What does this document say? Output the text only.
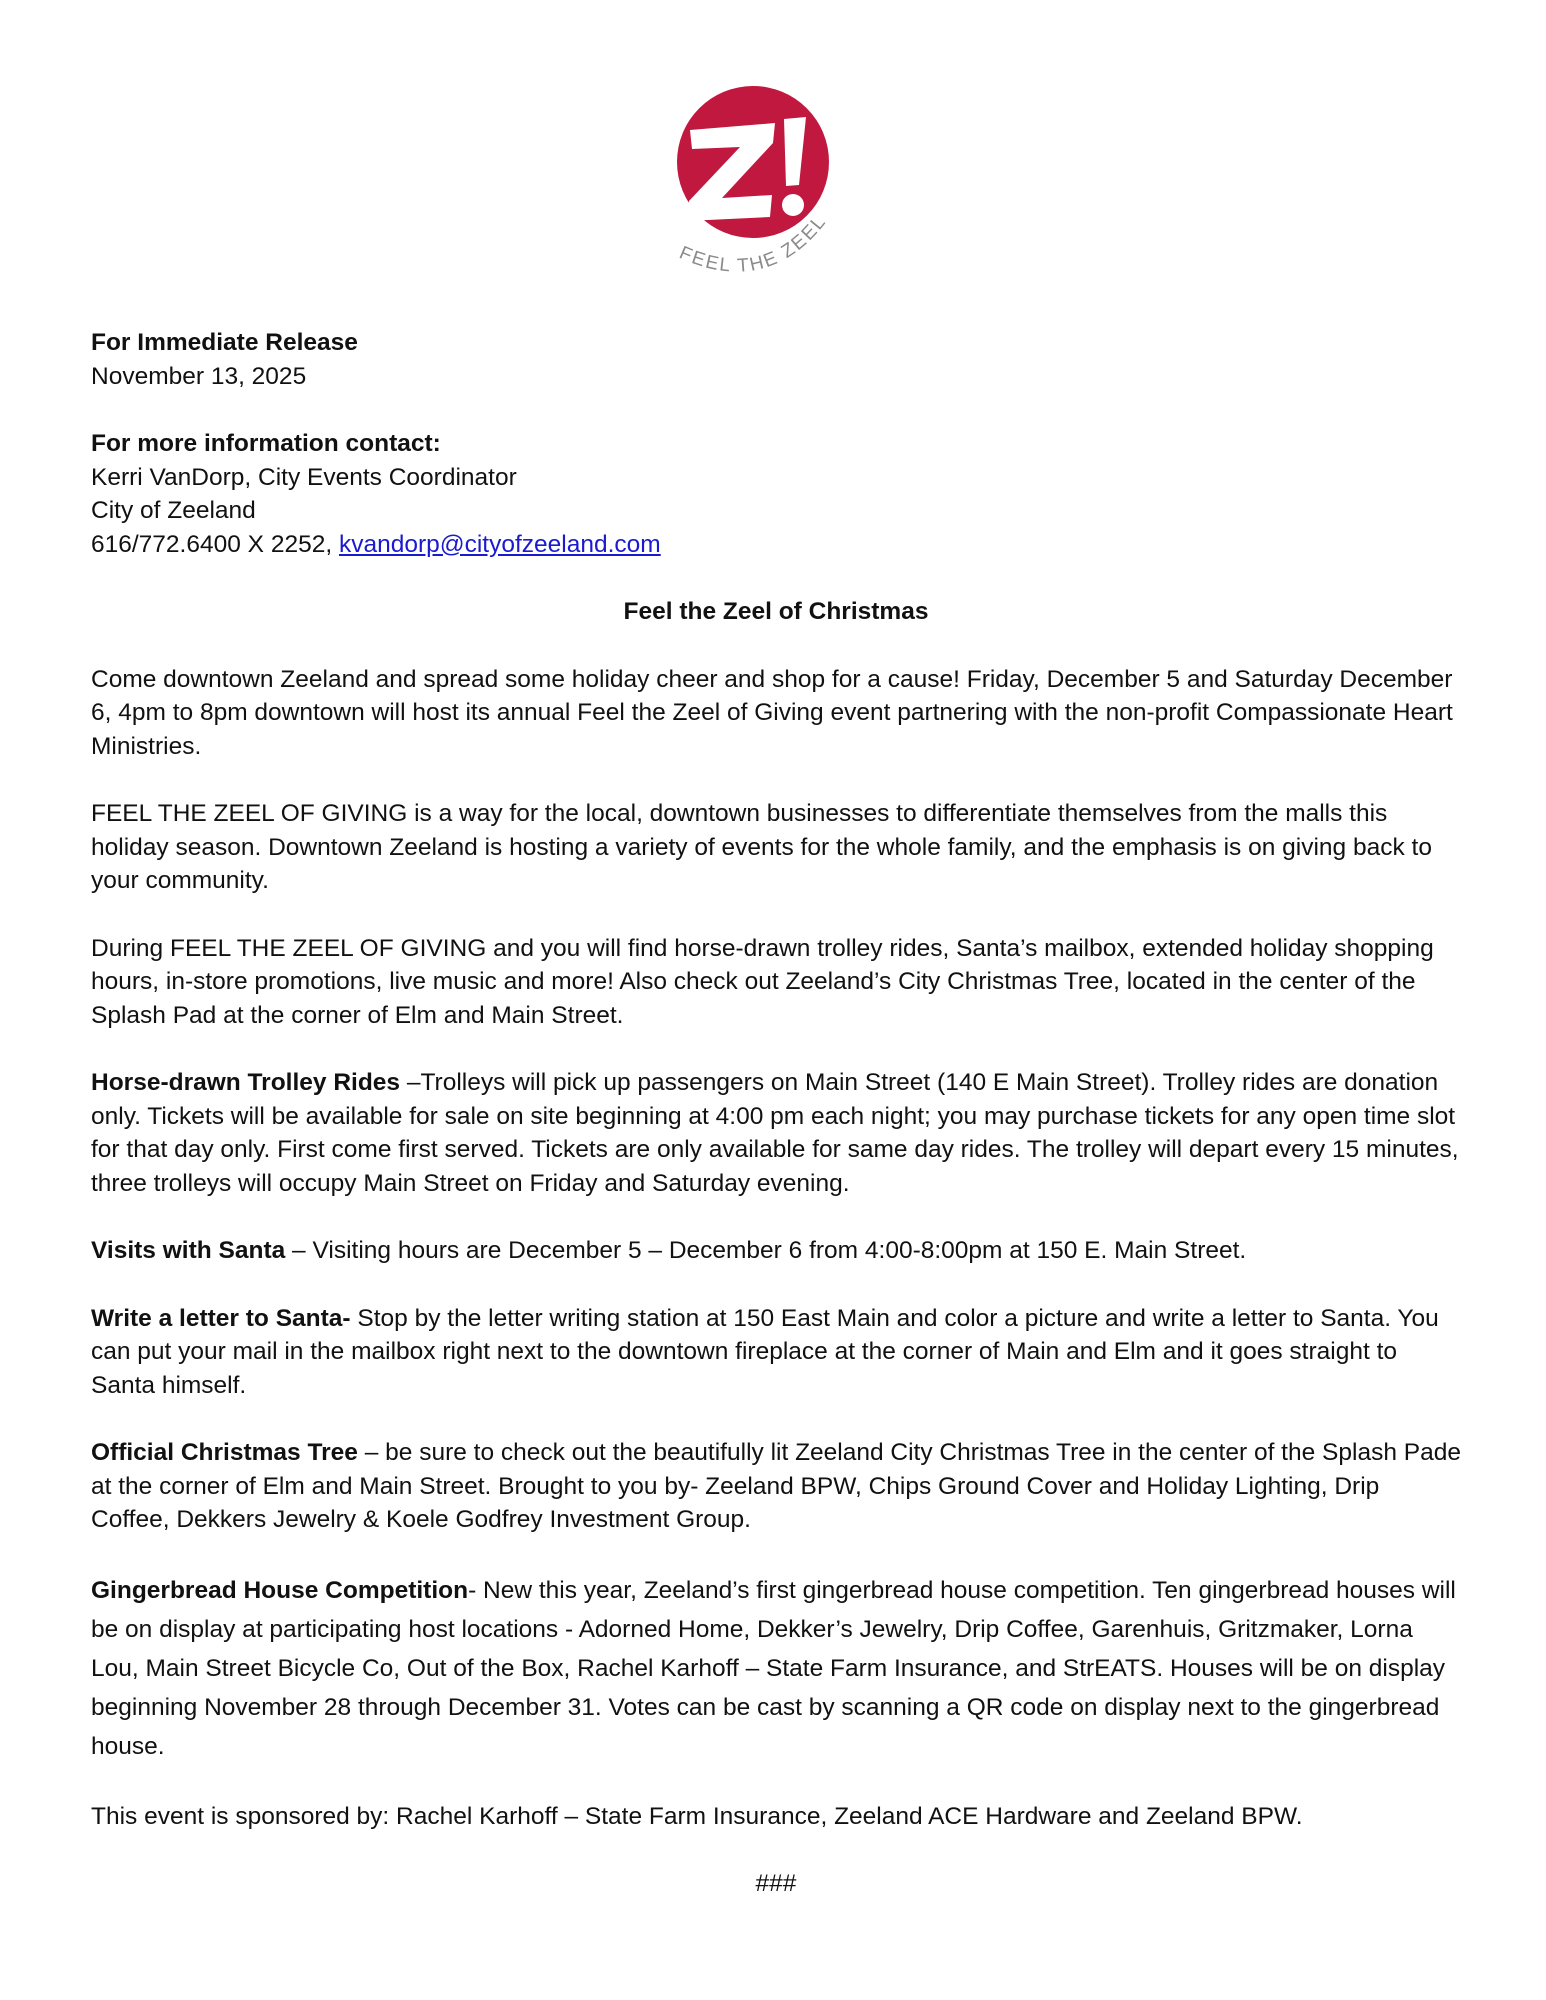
FEEL THE ZEEL
For Immediate Release
November 13, 2025
For more information contact:
Kerri VanDorp, City Events Coordinator
City of Zeeland
616/772.6400 X 2252, kvandorp@cityofzeeland.com

Feel the Zeel of Christmas

Come downtown Zeeland and spread some holiday cheer and shop for a cause! Friday, December 5 and Saturday December 6, 4pm to 8pm downtown will host its annual Feel the Zeel of Giving event partnering with the non-profit Compassionate Heart Ministries.

FEEL THE ZEEL OF GIVING is a way for the local, downtown businesses to differentiate themselves from the malls this holiday season. Downtown Zeeland is hosting a variety of events for the whole family, and the emphasis is on giving back to your community.

During FEEL THE ZEEL OF GIVING and you will find horse-drawn trolley rides, Santa’s mailbox, extended holiday shopping hours, in-store promotions, live music and more! Also check out Zeeland’s City Christmas Tree, located in the center of the Splash Pad at the corner of Elm and Main Street.

Horse-drawn Trolley Rides –Trolleys will pick up passengers on Main Street (140 E Main Street). Trolley rides are donation only. Tickets will be available for sale on site beginning at 4:00 pm each night; you may purchase tickets for any open time slot for that day only. First come first served. Tickets are only available for same day rides. The trolley will depart every 15 minutes, three trolleys will occupy Main Street on Friday and Saturday evening.

Visits with Santa – Visiting hours are December 5 – December 6 from 4:00-8:00pm at 150 E. Main Street.

Write a letter to Santa- Stop by the letter writing station at 150 East Main and color a picture and write a letter to Santa. You can put your mail in the mailbox right next to the downtown fireplace at the corner of Main and Elm and it goes straight to Santa himself.

Official Christmas Tree – be sure to check out the beautifully lit Zeeland City Christmas Tree in the center of the Splash Pade at the corner of Elm and Main Street. Brought to you by- Zeeland BPW, Chips Ground Cover and Holiday Lighting, Drip Coffee, Dekkers Jewelry & Koele Godfrey Investment Group.

Gingerbread House Competition- New this year, Zeeland’s first gingerbread house competition. Ten gingerbread houses will be on display at participating host locations - Adorned Home, Dekker’s Jewelry, Drip Coffee, Garenhuis, Gritzmaker, Lorna Lou, Main Street Bicycle Co, Out of the Box, Rachel Karhoff – State Farm Insurance, and StrEATS. Houses will be on display beginning November 28 through December 31. Votes can be cast by scanning a QR code on display next to the gingerbread house.

This event is sponsored by: Rachel Karhoff – State Farm Insurance, Zeeland ACE Hardware and Zeeland BPW.

###
